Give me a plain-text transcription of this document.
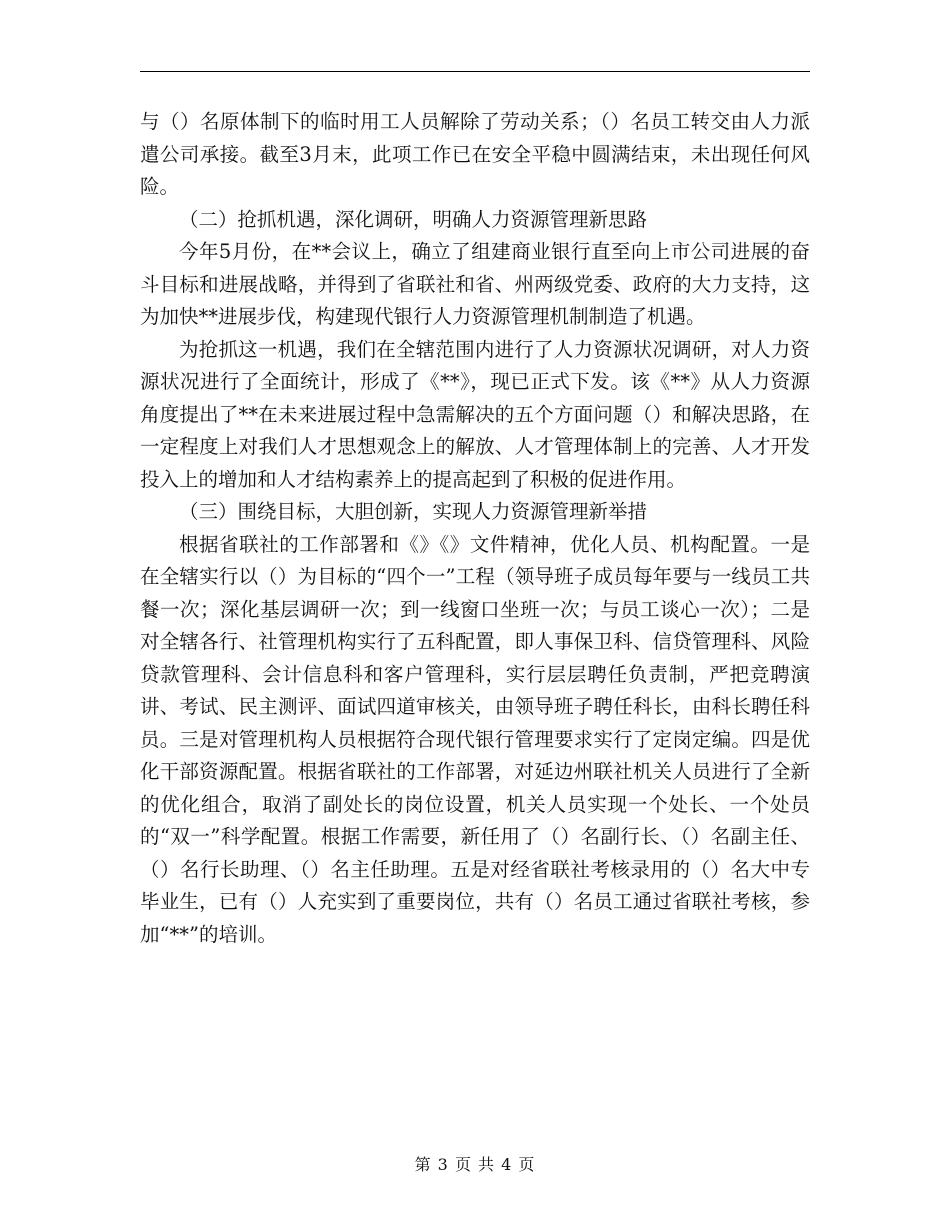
与（）名原体制下的临时用工人员解除了劳动关系；（）名员工转交由人力派遣公司承接。截至3月末，此项工作已在安全平稳中圆满结束，未出现任何风险。

（二）抢抓机遇，深化调研，明确人力资源管理新思路

今年5月份，在**会议上，确立了组建商业银行直至向上市公司进展的奋斗目标和进展战略，并得到了省联社和省、州两级党委、政府的大力支持，这为加快**进展步伐，构建现代银行人力资源管理机制制造了机遇。

为抢抓这一机遇，我们在全辖范围内进行了人力资源状况调研，对人力资源状况进行了全面统计，形成了《**》，现已正式下发。该《**》从人力资源角度提出了**在未来进展过程中急需解决的五个方面问题（）和解决思路，在一定程度上对我们人才思想观念上的解放、人才管理体制上的完善、人才开发投入上的增加和人才结构素养上的提高起到了积极的促进作用。

（三）围绕目标，大胆创新，实现人力资源管理新举措

根据省联社的工作部署和《》《》文件精神，优化人员、机构配置。一是在全辖实行以（）为目标的“四个一”工程（领导班子成员每年要与一线员工共餐一次；深化基层调研一次；到一线窗口坐班一次；与员工谈心一次）；二是对全辖各行、社管理机构实行了五科配置，即人事保卫科、信贷管理科、风险贷款管理科、会计信息科和客户管理科，实行层层聘任负责制，严把竞聘演讲、考试、民主测评、面试四道审核关，由领导班子聘任科长，由科长聘任科员。三是对管理机构人员根据符合现代银行管理要求实行了定岗定编。四是优化干部资源配置。根据省联社的工作部署，对延边州联社机关人员进行了全新的优化组合，取消了副处长的岗位设置，机关人员实现一个处长、一个处员的“双一”科学配置。根据工作需要，新任用了（）名副行长、（）名副主任、（）名行长助理、（）名主任助理。五是对经省联社考核录用的（）名大中专毕业生，已有（）人充实到了重要岗位，共有（）名员工通过省联社考核，参加“**”的培训。

第 3 页 共 4 页
